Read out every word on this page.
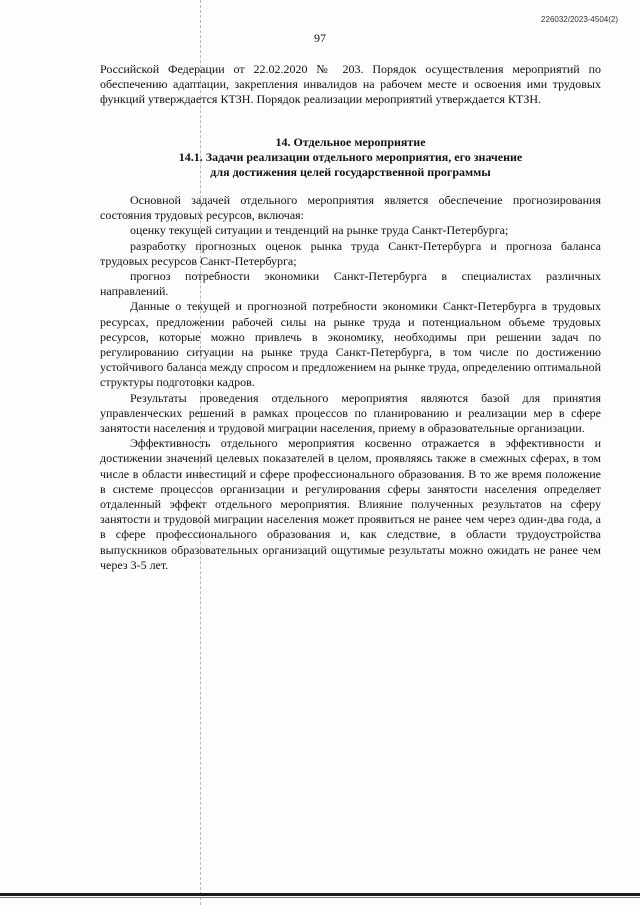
226032/2023-4504(2)
97

Российской Федерации от 22.02.2020 № 203. Порядок осуществления мероприятий по обеспечению адаптации, закрепления инвалидов на рабочем месте и освоения ими трудовых функций утверждается КТЗН. Порядок реализации мероприятий утверждается КТЗН.

14. Отдельное мероприятие
14.1. Задачи реализации отдельного мероприятия, его значение
для достижения целей государственной программы

Основной задачей отдельного мероприятия является обеспечение прогнозирования состояния трудовых ресурсов, включая:

оценку текущей ситуации и тенденций на рынке труда Санкт-Петербурга;

разработку прогнозных оценок рынка труда Санкт-Петербурга и прогноза баланса трудовых ресурсов Санкт-Петербурга;

прогноз потребности экономики Санкт-Петербурга в специалистах различных направлений.

Данные о текущей и прогнозной потребности экономики Санкт-Петербурга в трудовых ресурсах, предложении рабочей силы на рынке труда и потенциальном объеме трудовых ресурсов, которые можно привлечь в экономику, необходимы при решении задач по регулированию ситуации на рынке труда Санкт-Петербурга, в том числе по достижению устойчивого баланса между спросом и предложением на рынке труда, определению оптимальной структуры подготовки кадров.

Результаты проведения отдельного мероприятия являются базой для принятия управленческих решений в рамках процессов по планированию и реализации мер в сфере занятости населения и трудовой миграции населения, приему в образовательные организации.

Эффективность отдельного мероприятия косвенно отражается в эффективности и достижении значений целевых показателей в целом, проявляясь также в смежных сферах, в том числе в области инвестиций и сфере профессионального образования. В то же время положение в системе процессов организации и регулирования сферы занятости населения определяет отдаленный эффект отдельного мероприятия. Влияние полученных результатов на сферу занятости и трудовой миграции населения может проявиться не ранее чем через один-два года, а в сфере профессионального образования и, как следствие, в области трудоустройства выпускников образовательных организаций ощутимые результаты можно ожидать не ранее чем через 3-5 лет.
